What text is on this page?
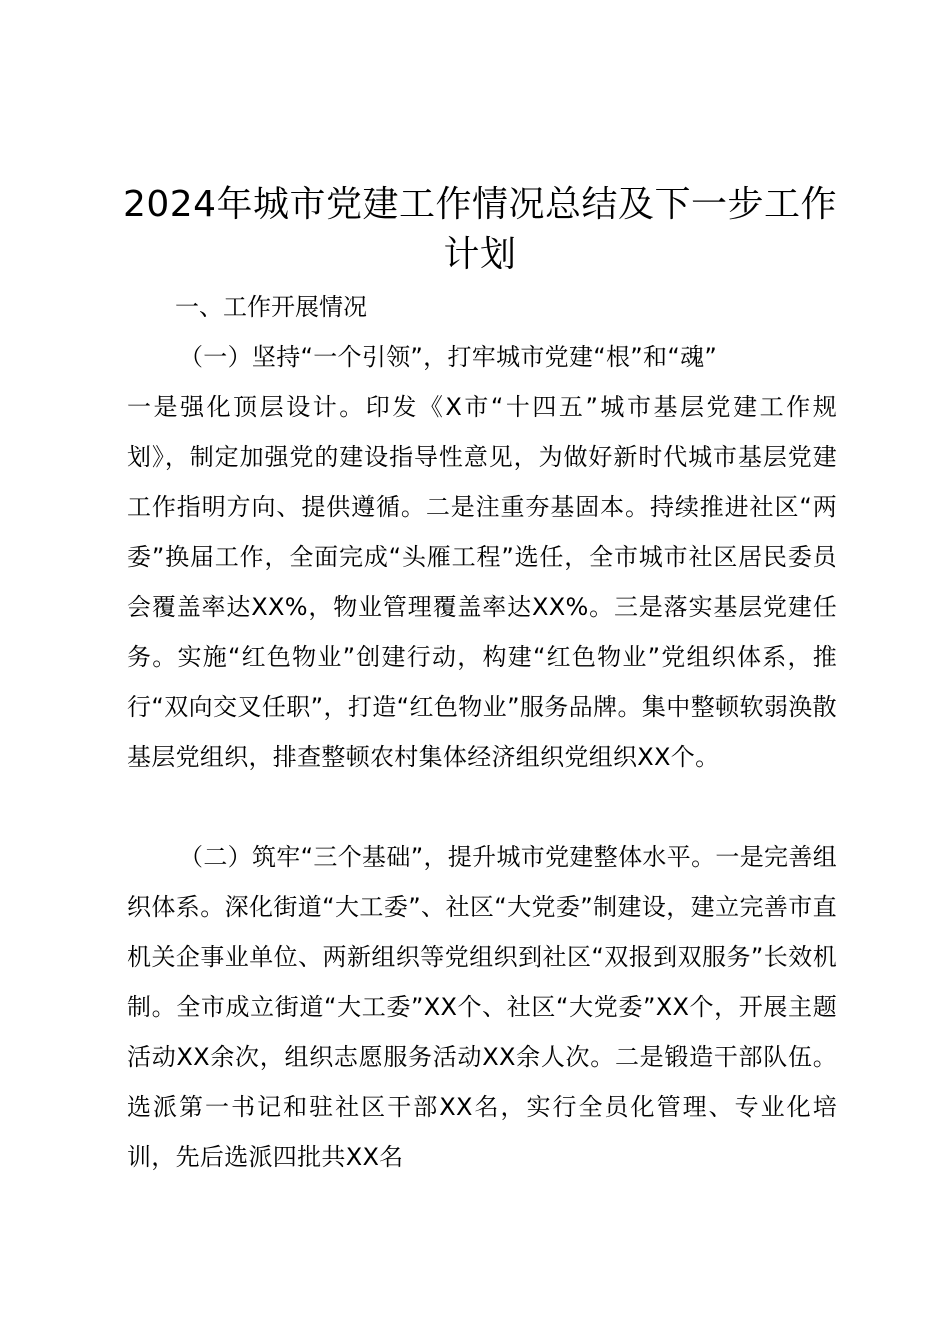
2024年城市党建工作情况总结及下一步工作
计划

一、工作开展情况

（一）坚持“一个引领”，打牢城市党建“根”和“魂”

一是强化顶层设计。印发《X市“十四五”城市基层党建工作规划》，制定加强党的建设指导性意见，为做好新时代城市基层党建工作指明方向、提供遵循。二是注重夯基固本。持续推进社区“两委”换届工作，全面完成“头雁工程”选任，全市城市社区居民委员会覆盖率达XX%，物业管理覆盖率达XX%。三是落实基层党建任务。实施“红色物业”创建行动，构建“红色物业”党组织体系，推行“双向交叉任职”，打造“红色物业”服务品牌。集中整顿软弱涣散基层党组织，排查整顿农村集体经济组织党组织XX个。

（二）筑牢“三个基础”，提升城市党建整体水平。一是完善组织体系。深化街道“大工委”、社区“大党委”制建设，建立完善市直机关企事业单位、两新组织等党组织到社区“双报到双服务”长效机制。全市成立街道“大工委”XX个、社区“大党委”XX个，开展主题活动XX余次，组织志愿服务活动XX余人次。二是锻造干部队伍。选派第一书记和驻社区干部XX名，实行全员化管理、专业化培训，先后选派四批共XX名
